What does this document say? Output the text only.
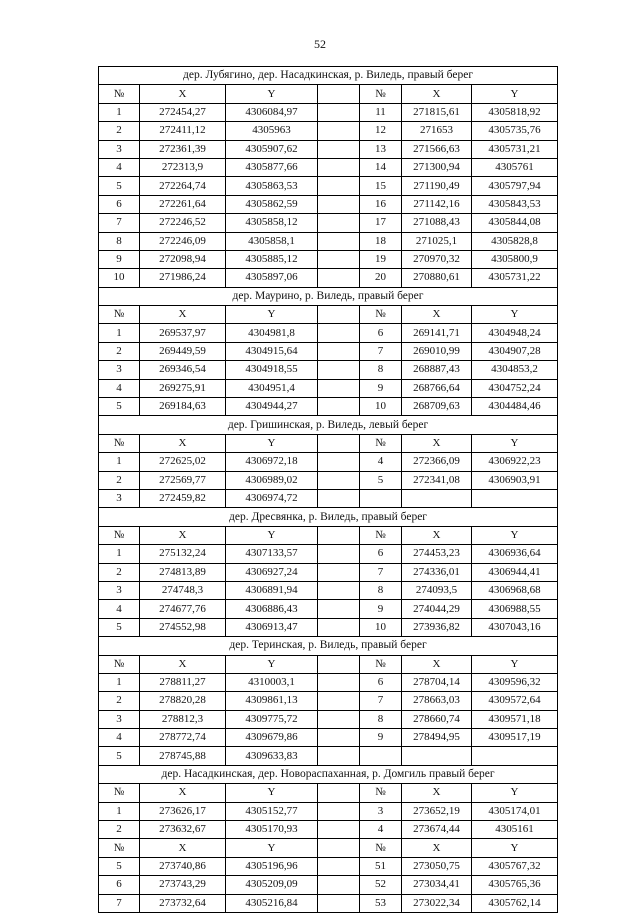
52
дер. Лубягино, дер. Насадкинская, р. Виледь, правый берег						
№	X	Y		№	X	Y
1	272454,27	4306084,97		11	271815,61	4305818,92
2	272411,12	4305963		12	271653	4305735,76
3	272361,39	4305907,62		13	271566,63	4305731,21
4	272313,9	4305877,66		14	271300,94	4305761
5	272264,74	4305863,53		15	271190,49	4305797,94
6	272261,64	4305862,59		16	271142,16	4305843,53
7	272246,52	4305858,12		17	271088,43	4305844,08
8	272246,09	4305858,1		18	271025,1	4305828,8
9	272098,94	4305885,12		19	270970,32	4305800,9
10	271986,24	4305897,06		20	270880,61	4305731,22
дер. Маурино, р. Виледь, правый берег						
№	X	Y		№	X	Y
1	269537,97	4304981,8		6	269141,71	4304948,24
2	269449,59	4304915,64		7	269010,99	4304907,28
3	269346,54	4304918,55		8	268887,43	4304853,2
4	269275,91	4304951,4		9	268766,64	4304752,24
5	269184,63	4304944,27		10	268709,63	4304484,46
дер. Гришинская, р. Виледь, левый берег						
№	X	Y		№	X	Y
1	272625,02	4306972,18		4	272366,09	4306922,23
2	272569,77	4306989,02		5	272341,08	4306903,91
3	272459,82	4306974,72				
дер. Дресвянка, р. Виледь, правый берег						
№	X	Y		№	X	Y
1	275132,24	4307133,57		6	274453,23	4306936,64
2	274813,89	4306927,24		7	274336,01	4306944,41
3	274748,3	4306891,94		8	274093,5	4306968,68
4	274677,76	4306886,43		9	274044,29	4306988,55
5	274552,98	4306913,47		10	273936,82	4307043,16
дер. Теринская, р. Виледь, правый берег						
№	X	Y		№	X	Y
1	278811,27	4310003,1		6	278704,14	4309596,32
2	278820,28	4309861,13		7	278663,03	4309572,64
3	278812,3	4309775,72		8	278660,74	4309571,18
4	278772,74	4309679,86		9	278494,95	4309517,19
5	278745,88	4309633,83				
дер. Насадкинская, дер. Новораспаханная, р. Домгиль правый берег						
№	X	Y		№	X	Y
1	273626,17	4305152,77		3	273652,19	4305174,01
2	273632,67	4305170,93		4	273674,44	4305161
№	X	Y		№	X	Y
5	273740,86	4305196,96		51	273050,75	4305767,32
6	273743,29	4305209,09		52	273034,41	4305765,36
7	273732,64	4305216,84		53	273022,34	4305762,14
